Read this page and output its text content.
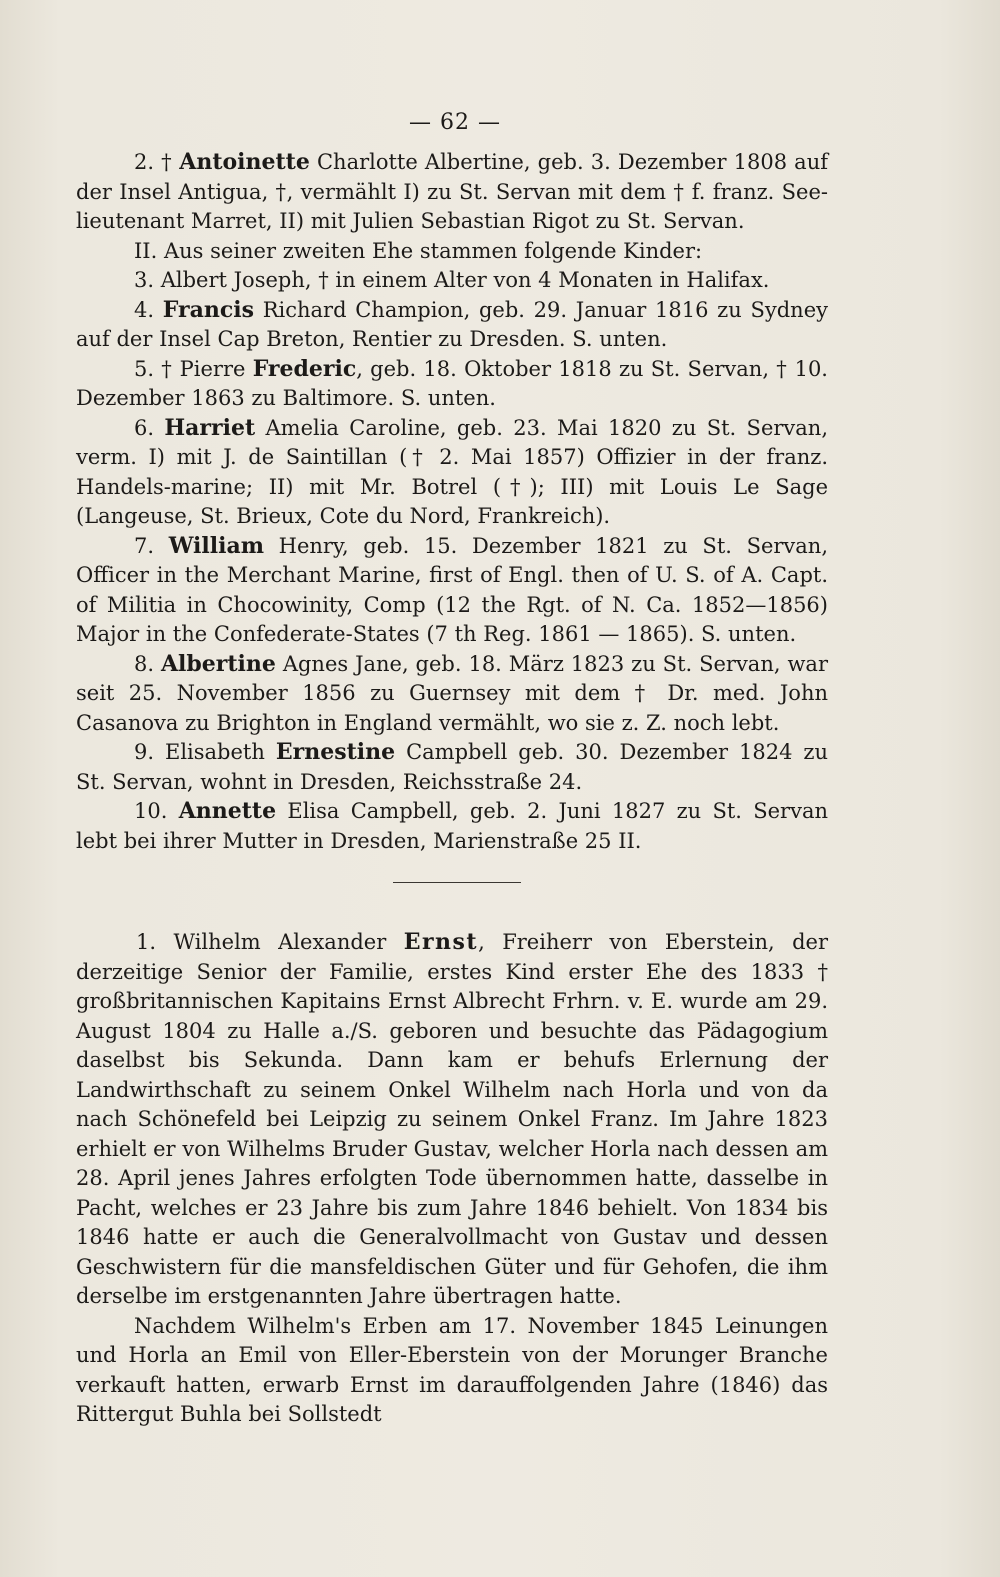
— 62 —

2. † Antoinette Charlotte Albertine, geb. 3. Dezember 1808 auf der Insel Antigua, †, vermählt I) zu St. Servan mit dem † f. franz. See-lieutenant Marret, II) mit Julien Sebastian Rigot zu St. Servan.

II. Aus seiner zweiten Ehe stammen folgende Kinder:

3. Albert Joseph, † in einem Alter von 4 Monaten in Halifax.

4. Francis Richard Champion, geb. 29. Januar 1816 zu Sydney auf der Insel Cap Breton, Rentier zu Dresden. S. unten.

5. † Pierre Frederic, geb. 18. Oktober 1818 zu St. Servan, † 10. Dezember 1863 zu Baltimore. S. unten.

6. Harriet Amelia Caroline, geb. 23. Mai 1820 zu St. Servan, verm. I) mit J. de Saintillan († 2. Mai 1857) Offizier in der franz. Handels-marine; II) mit Mr. Botrel (†); III) mit Louis Le Sage (Langeuse, St. Brieux, Cote du Nord, Frankreich).

7. William Henry, geb. 15. Dezember 1821 zu St. Servan, Officer in the Merchant Marine, first of Engl. then of U. S. of A. Capt. of Militia in Chocowinity, Comp (12 the Rgt. of N. Ca. 1852—1856) Major in the Confederate-States (7 th Reg. 1861 — 1865). S. unten.

8. Albertine Agnes Jane, geb. 18. März 1823 zu St. Servan, war seit 25. November 1856 zu Guernsey mit dem † Dr. med. John Casanova zu Brighton in England vermählt, wo sie z. Z. noch lebt.

9. Elisabeth Ernestine Campbell geb. 30. Dezember 1824 zu St. Servan, wohnt in Dresden, Reichsstraße 24.

10. Annette Elisa Campbell, geb. 2. Juni 1827 zu St. Servan lebt bei ihrer Mutter in Dresden, Marienstraße 25 II.

1. Wilhelm Alexander Ernst, Freiherr von Eberstein, der derzeitige Senior der Familie, erstes Kind erster Ehe des 1833 † großbritannischen Kapitains Ernst Albrecht Frhrn. v. E. wurde am 29. August 1804 zu Halle a./S. geboren und besuchte das Pädagogium daselbst bis Sekunda. Dann kam er behufs Erlernung der Landwirthschaft zu seinem Onkel Wilhelm nach Horla und von da nach Schönefeld bei Leipzig zu seinem Onkel Franz. Im Jahre 1823 erhielt er von Wilhelms Bruder Gustav, welcher Horla nach dessen am 28. April jenes Jahres erfolgten Tode übernommen hatte, dasselbe in Pacht, welches er 23 Jahre bis zum Jahre 1846 behielt. Von 1834 bis 1846 hatte er auch die Generalvollmacht von Gustav und dessen Geschwistern für die mansfeldischen Güter und für Gehofen, die ihm derselbe im erstgenannten Jahre übertragen hatte.

Nachdem Wilhelm's Erben am 17. November 1845 Leinungen und Horla an Emil von Eller-Eberstein von der Morunger Branche verkauft hatten, erwarb Ernst im darauffolgenden Jahre (1846) das Rittergut Buhla bei Sollstedt
